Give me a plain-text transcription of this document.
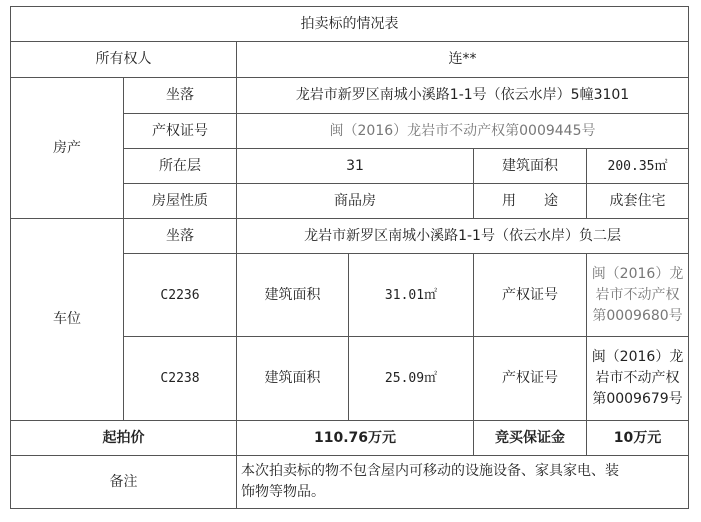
拍卖标的情况表					
所有权人		连**			
房产	坐落	龙岩市新罗区南城小溪路1-1号（依云水岸）5幢3101			
	产权证号	闽（2016）龙岩市不动产权第0009445号			
	所在层	31		建筑面积	200.35㎡
	房屋性质	商品房		用　　途	成套住宅
车位	坐落	龙岩市新罗区南城小溪路1-1号（依云水岸）负二层			
	C2236	建筑面积	31.01㎡	产权证号	闽（2016）龙
岩市不动产权
第0009680号

	C2238	建筑面积	25.09㎡	产权证号	闽（2016）龙
岩市不动产权
第0009679号

起拍价		110.76万元		竞买保证金	10万元
备注		本次拍卖标的物不包含屋内可移动的设施设备、家具家电、装
饰物等物品。			
